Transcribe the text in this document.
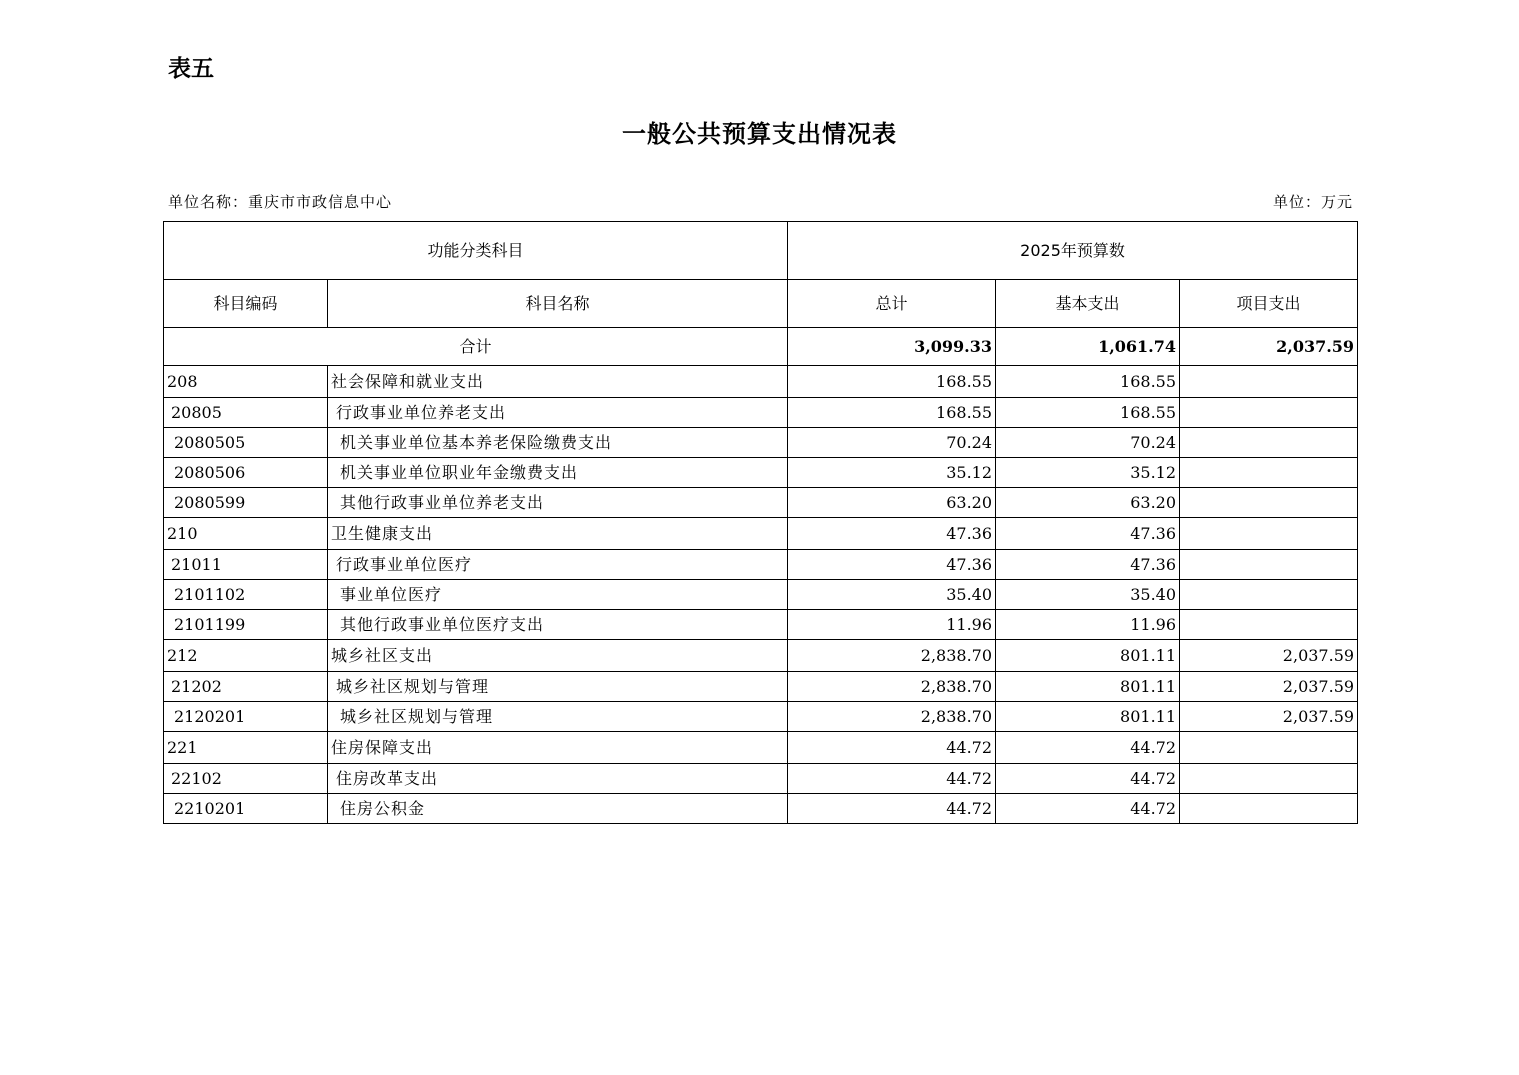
表五
一般公共预算支出情况表
单位名称：重庆市市政信息中心	单位：万元
功能分类科目		2025年预算数		
科目编码	科目名称	总计	基本支出	项目支出
合计		3,099.33	1,061.74	2,037.59
208	社会保障和就业支出	168.55	168.55	
20805	行政事业单位养老支出	168.55	168.55	
2080505	机关事业单位基本养老保险缴费支出	70.24	70.24	
2080506	机关事业单位职业年金缴费支出	35.12	35.12	
2080599	其他行政事业单位养老支出	63.20	63.20	
210	卫生健康支出	47.36	47.36	
21011	行政事业单位医疗	47.36	47.36	
2101102	事业单位医疗	35.40	35.40	
2101199	其他行政事业单位医疗支出	11.96	11.96	
212	城乡社区支出	2,838.70	801.11	2,037.59
21202	城乡社区规划与管理	2,838.70	801.11	2,037.59
2120201	城乡社区规划与管理	2,838.70	801.11	2,037.59
221	住房保障支出	44.72	44.72	
22102	住房改革支出	44.72	44.72	
2210201	住房公积金	44.72	44.72	
